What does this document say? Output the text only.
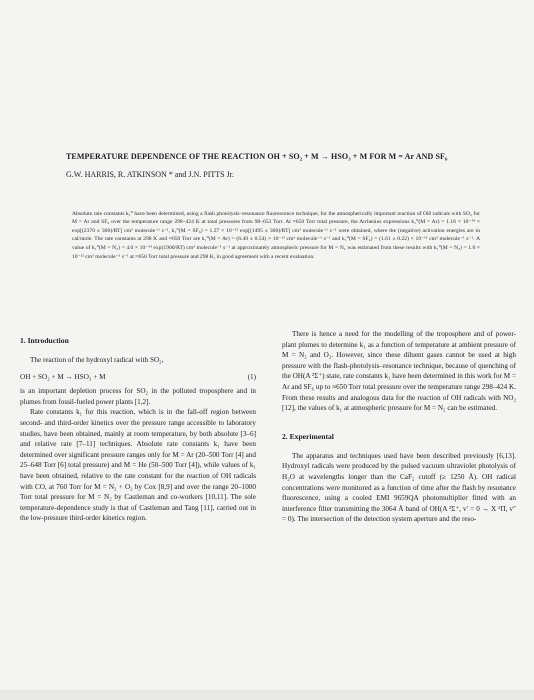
TEMPERATURE DEPENDENCE OF THE REACTION OH + SO₂ + M → HSO₃ + M FOR M = Ar AND SF₆
G.W. HARRIS, R. ATKINSON * and J.N. PITTS Jr.

Absolute rate constants k₁⁰ have been determined, using a flash photolysis–resonance fluorescence technique, for the atmospherically important reaction of OH radicals with SO₂ for M = Ar and SF₆ over the temperature range 298–424 K at total pressures from 98–653 Torr. At ≈650 Torr total pressure, the Arrhenius expressions k₁⁰(M = Ar) = 1.16 × 10⁻¹⁴ × exp[(2370 ± 300)/RT] cm³ molecule⁻¹ s⁻¹, k₁⁰(M = SF₆) = 1.27 × 10⁻¹² exp[(1495 ± 300)/RT] cm³ molecule⁻¹ s⁻¹ were obtained, where the (negative) activation energies are in cal/mole. The rate constants at 298 K and ≈650 Torr are k₁⁰(M = Ar) = (6.49 ± 0.54) × 10⁻¹³ cm³ molecule⁻¹ s⁻¹ and k₁⁰(M = SF₆) = (1.61 ± 0.22) × 10⁻¹² cm³ molecule⁻¹ s⁻¹. A value of k₁⁰(M = N₂) = 4.0 × 10⁻¹⁴ exp(1900/RT) cm³ molecule⁻¹ s⁻¹ at approximately atmospheric pressure for M = N₂ was estimated from these results with k₁⁰(M = N₂) = 1.0 × 10⁻¹² cm³ molecule⁻¹ s⁻¹ at ≈650 Torr total pressure and 298 K, in good agreement with a recent evaluation.

1. Introduction

The reaction of the hydroxyl radical with SO₂,

OH + SO₂ + M → HSO₃ + M	(1)

is an important depletion process for SO₂ in the polluted troposphere and in plumes from fossil-fueled power plants [1,2].

Rate constants k₁ for this reaction, which is in the fall-off region between second- and third-order kinetics over the pressure range accessible to laboratory studies, have been obtained, mainly at room temperature, by both absolute [3–6] and relative rate [7–11] techniques. Absolute rate constants k₁ have been determined over significant pressure ranges only for M = Ar (20–500 Torr [4] and 25–648 Torr [6] total pressure) and M = He (50–500 Torr [4]), while values of k₁ have been obtained, relative to the rate constant for the reaction of OH radicals with CO, at 760 Torr for M = N₂ + O₂ by Cox [8,9] and over the range 20–1000 Torr total pressure for M = N₂ by Castleman and co-workers [10,11]. The sole temperature-dependence study is that of Castleman and Tang [11], carried out in the low-pressure third-order kinetics region.

There is hence a need for the modelling of the troposphere and of power-plant plumes to determine k₁ as a function of temperature at ambient pressure of M = N₂ and O₂. However, since these diluent gases cannot be used at high pressure with the flash-photolysis–resonance technique, because of quenching of the OH(A ²Σ⁺) state, rate constants k₁ have been determined in this work for M = Ar and SF₆ up to ≈650 Torr total pressure over the temperature range 298–424 K. From these results and analogous data for the reaction of OH radicals with NO₂ [12], the values of k₁ at atmospheric pressure for M = N₂ can be estimated.

2. Experimental

The apparatus and techniques used have been described previously [6,13]. Hydroxyl radicals were produced by the pulsed vacuum ultraviolet photolysis of H₂O at wavelengths longer than the CaF₂ cutoff (≥ 1250 Å). OH radical concentrations were monitored as a function of time after the flash by resonance fluorescence, using a cooled EMI 9659QA photomultiplier fitted with an interference filter transmitting the 3064 Å band of OH(A ²Σ⁺, v′ = 0 → X ²Π, v″ = 0). The intersection of the detection system aperture and the reso-
